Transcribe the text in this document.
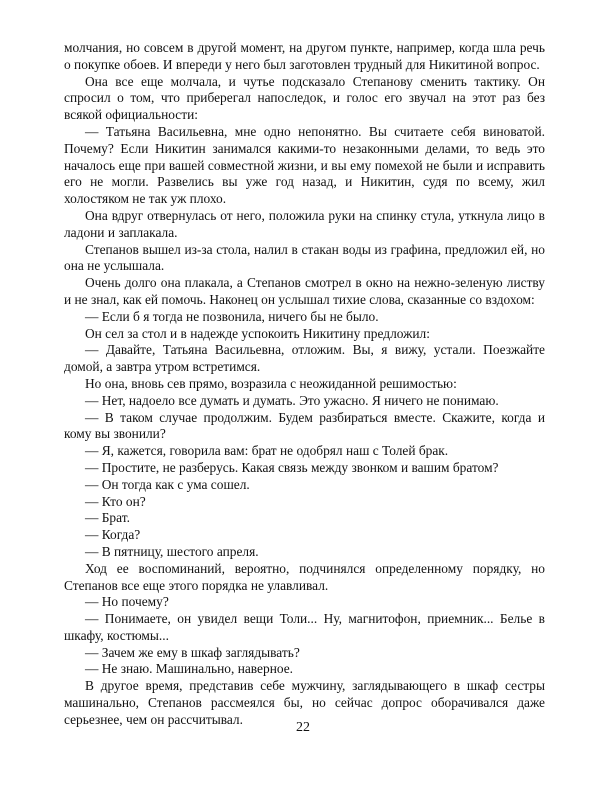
молчания, но совсем в другой момент, на другом пункте, например, когда шла речь о покупке обоев. И впереди у него был заготовлен трудный для Никитиной вопрос.

Она все еще молчала, и чутье подсказало Степанову сменить тактику. Он спросил о том, что приберегал напоследок, и голос его звучал на этот раз без всякой официальности:

— Татьяна Васильевна, мне одно непонятно. Вы считаете себя виноватой. Почему? Если Никитин занимался какими-то незаконными делами, то ведь это началось еще при вашей совместной жизни, и вы ему помехой не были и исправить его не могли. Развелись вы уже год назад, и Никитин, судя по всему, жил холостяком не так уж плохо.

Она вдруг отвернулась от него, положила руки на спинку стула, уткнула лицо в ладони и заплакала.

Степанов вышел из-за стола, налил в стакан воды из графина, предложил ей, но она не услышала.

Очень долго она плакала, а Степанов смотрел в окно на нежно-зеленую листву и не знал, как ей помочь. Наконец он услышал тихие слова, сказанные со вздохом:

— Если б я тогда не позвонила, ничего бы не было.

Он сел за стол и в надежде успокоить Никитину предложил:

— Давайте, Татьяна Васильевна, отложим. Вы, я вижу, устали. Поезжайте домой, а завтра утром встретимся.

Но она, вновь сев прямо, возразила с неожиданной решимостью:

— Нет, надоело все думать и думать. Это ужасно. Я ничего не понимаю.

— В таком случае продолжим. Будем разбираться вместе. Скажите, когда и кому вы звонили?

— Я, кажется, говорила вам: брат не одобрял наш с Толей брак.

— Простите, не разберусь. Какая связь между звонком и вашим братом?

— Он тогда как с ума сошел.

— Кто он?

— Брат.

— Когда?

— В пятницу, шестого апреля.

Ход ее воспоминаний, вероятно, подчинялся определенному порядку, но Степанов все еще этого порядка не улавливал.

— Но почему?

— Понимаете, он увидел вещи Толи... Ну, магнитофон, приемник... Белье в шкафу, костюмы...

— Зачем же ему в шкаф заглядывать?

— Не знаю. Машинально, наверное.

В другое время, представив себе мужчину, заглядывающего в шкаф сестры машинально, Степанов рассмеялся бы, но сейчас допрос оборачивался даже серьезнее, чем он рассчитывал.

22
